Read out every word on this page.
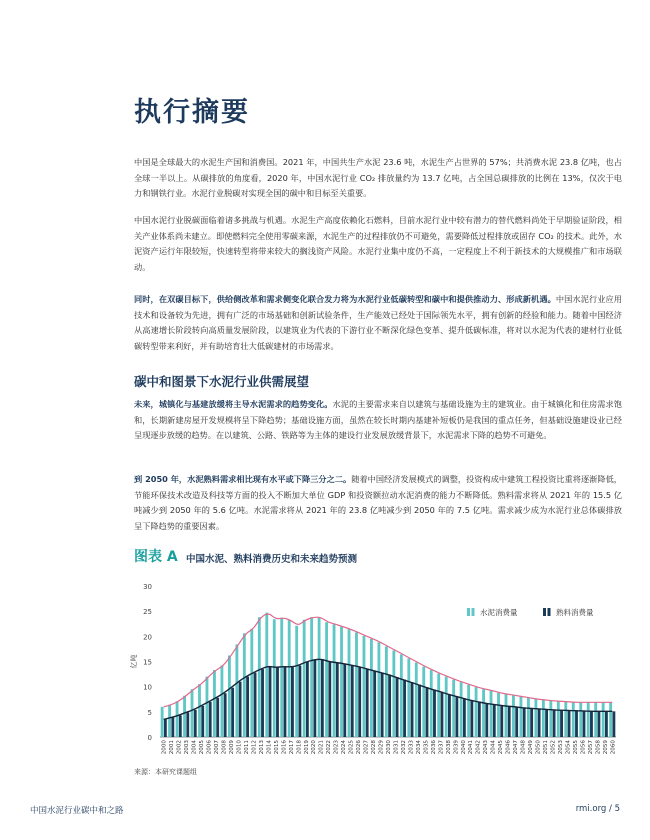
执行摘要

中国是全球最大的水泥生产国和消费国。2021 年，中国共生产水泥 23.6 吨，水泥生产占世界的 57%；共消费水泥 23.8 亿吨，也占全球一半以上。从碳排放的角度看，2020 年，中国水泥行业 CO₂ 排放量约为 13.7 亿吨，占全国总碳排放的比例在 13%，仅次于电力和钢铁行业。水泥行业脱碳对实现全国的碳中和目标至关重要。

中国水泥行业脱碳面临着诸多挑战与机遇。水泥生产高度依赖化石燃料，目前水泥行业中较有潜力的替代燃料尚处于早期验证阶段，相关产业体系尚未建立。即使燃料完全使用零碳来源，水泥生产的过程排放仍不可避免，需要降低过程排放或固存 CO₂ 的技术。此外，水泥资产运行年限较短，快速转型将带来较大的搁浅资产风险。水泥行业集中度仍不高，一定程度上不利于新技术的大规模推广和市场联动。

同时，在双碳目标下，供给侧改革和需求侧变化联合发力将为水泥行业低碳转型和碳中和提供推动力、形成新机遇。中国水泥行业应用技术和设备较为先进，拥有广泛的市场基础和创新试验条件，生产能效已经处于国际领先水平，拥有创新的经验和能力。随着中国经济从高速增长阶段转向高质量发展阶段，以建筑业为代表的下游行业不断深化绿色变革、提升低碳标准，将对以水泥为代表的建材行业低碳转型带来利好，并有助培育壮大低碳建材的市场需求。

碳中和图景下水泥行业供需展望

未来，城镇化与基建放缓将主导水泥需求的趋势变化。水泥的主要需求来自以建筑与基础设施为主的建筑业。由于城镇化和住房需求饱和，长期新建房屋开发规模将呈下降趋势；基础设施方面，虽然在较长时期内基建补短板仍是我国的重点任务，但基础设施建设业已经呈现逐步放缓的趋势。在以建筑、公路、铁路等为主体的建设行业发展放缓背景下，水泥需求下降的趋势不可避免。

到 2050 年，水泥熟料需求相比现有水平或下降三分之二。随着中国经济发展模式的调整，投资构成中建筑工程投资比重将逐渐降低，节能环保技术改造及科技等方面的投入不断加大单位 GDP 和投资额拉动水泥消费的能力不断降低。熟料需求将从 2021 年的 15.5 亿吨减少到 2050 年的 5.6 亿吨。水泥需求将从 2021 年的 23.8 亿吨减少到 2050 年的 7.5 亿吨。需求减少成为水泥行业总体碳排放呈下降趋势的重要因素。

图表 A 中国水泥、熟料消费历史和未来趋势预测
0
5
10
15
20
25
30
亿吨
2000 2001 2002 2003 2004 2005 2006 2007 2008 2009 2010 2011 2012 2013 2014 2015 2016 2017 2018 2019 2020 2021 2022 2023 2024 2025 2026 2027 2028 2029 2030 2031 2032 2033 2034 2035 2036 2037 2038 2039 2040 2041 2042 2043 2044 2045 2046 2047 2048 2049 2050 2051 2052 2053 2054 2055 2056 2057 2058 2059 2060
水泥消费量	熟料消费量
来源：本研究课题组
中国水泥行业碳中和之路	rmi.org / 5
